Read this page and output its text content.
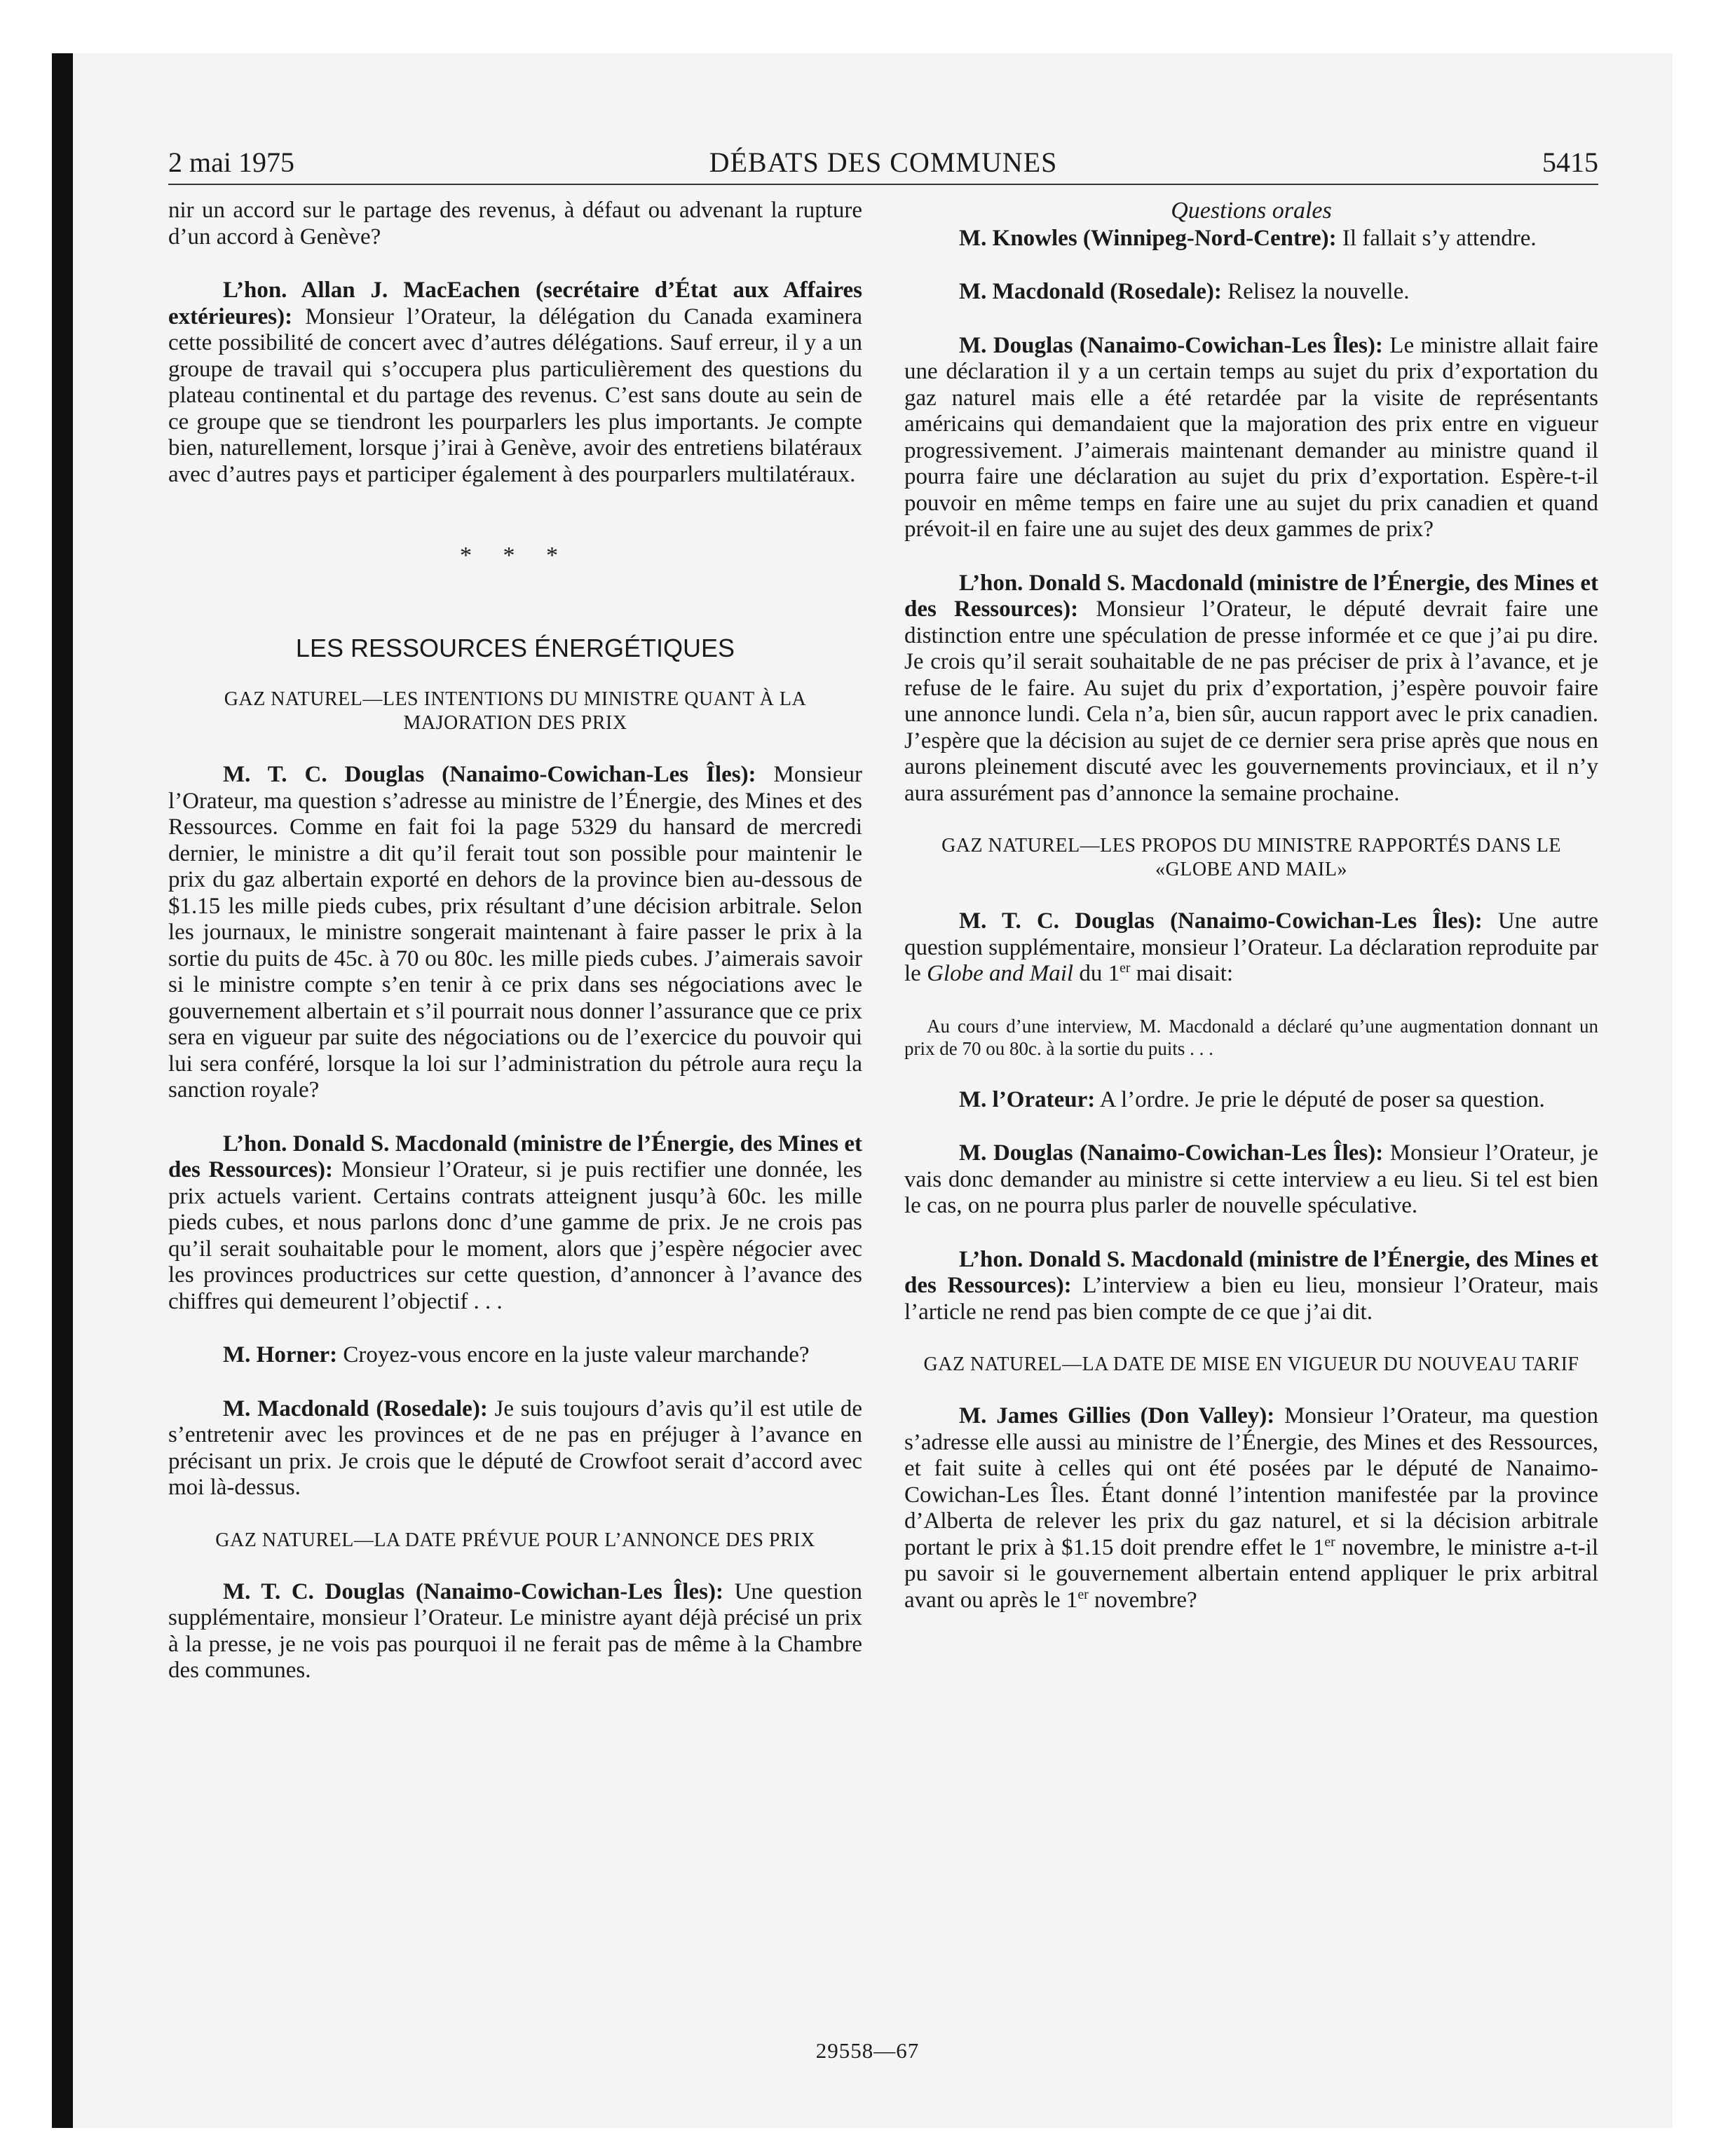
2 mai 1975	DÉBATS DES COMMUNES	5415

nir un accord sur le partage des revenus, à défaut ou advenant la rupture d’un accord à Genève?

L’hon. Allan J. MacEachen (secrétaire d’État aux Affaires extérieures): Monsieur l’Orateur, la délégation du Canada examinera cette possibilité de concert avec d’autres délégations. Sauf erreur, il y a un groupe de travail qui s’occupera plus particulièrement des questions du plateau continental et du partage des revenus. C’est sans doute au sein de ce groupe que se tiendront les pourparlers les plus importants. Je compte bien, naturellement, lorsque j’irai à Genève, avoir des entretiens bilatéraux avec d’autres pays et participer également à des pourparlers multilatéraux.

* * *
LES RESSOURCES ÉNERGÉTIQUES
GAZ NATUREL—LES INTENTIONS DU MINISTRE QUANT À LA MAJORATION DES PRIX

M. T. C. Douglas (Nanaimo-Cowichan-Les Îles): Monsieur l’Orateur, ma question s’adresse au ministre de l’Énergie, des Mines et des Ressources. Comme en fait foi la page 5329 du hansard de mercredi dernier, le ministre a dit qu’il ferait tout son possible pour maintenir le prix du gaz albertain exporté en dehors de la province bien au-dessous de $1.15 les mille pieds cubes, prix résultant d’une décision arbitrale. Selon les journaux, le ministre songerait maintenant à faire passer le prix à la sortie du puits de 45c. à 70 ou 80c. les mille pieds cubes. J’aimerais savoir si le ministre compte s’en tenir à ce prix dans ses négociations avec le gouvernement albertain et s’il pourrait nous donner l’assurance que ce prix sera en vigueur par suite des négociations ou de l’exercice du pouvoir qui lui sera conféré, lorsque la loi sur l’administration du pétrole aura reçu la sanction royale?

L’hon. Donald S. Macdonald (ministre de l’Énergie, des Mines et des Ressources): Monsieur l’Orateur, si je puis rectifier une donnée, les prix actuels varient. Certains contrats atteignent jusqu’à 60c. les mille pieds cubes, et nous parlons donc d’une gamme de prix. Je ne crois pas qu’il serait souhaitable pour le moment, alors que j’espère négocier avec les provinces productrices sur cette question, d’annoncer à l’avance des chiffres qui demeurent l’objectif . . .

M. Horner: Croyez-vous encore en la juste valeur marchande?

M. Macdonald (Rosedale): Je suis toujours d’avis qu’il est utile de s’entretenir avec les provinces et de ne pas en préjuger à l’avance en précisant un prix. Je crois que le député de Crowfoot serait d’accord avec moi là-dessus.

GAZ NATUREL—LA DATE PRÉVUE POUR L’ANNONCE DES PRIX

M. T. C. Douglas (Nanaimo-Cowichan-Les Îles): Une question supplémentaire, monsieur l’Orateur. Le ministre ayant déjà précisé un prix à la presse, je ne vois pas pourquoi il ne ferait pas de même à la Chambre des communes.

Questions orales

M. Knowles (Winnipeg-Nord-Centre): Il fallait s’y attendre.

M. Macdonald (Rosedale): Relisez la nouvelle.

M. Douglas (Nanaimo-Cowichan-Les Îles): Le ministre allait faire une déclaration il y a un certain temps au sujet du prix d’exportation du gaz naturel mais elle a été retardée par la visite de représentants américains qui demandaient que la majoration des prix entre en vigueur progressivement. J’aimerais maintenant demander au ministre quand il pourra faire une déclaration au sujet du prix d’exportation. Espère-t-il pouvoir en même temps en faire une au sujet du prix canadien et quand prévoit-il en faire une au sujet des deux gammes de prix?

L’hon. Donald S. Macdonald (ministre de l’Énergie, des Mines et des Ressources): Monsieur l’Orateur, le député devrait faire une distinction entre une spéculation de presse informée et ce que j’ai pu dire. Je crois qu’il serait souhaitable de ne pas préciser de prix à l’avance, et je refuse de le faire. Au sujet du prix d’exportation, j’espère pouvoir faire une annonce lundi. Cela n’a, bien sûr, aucun rapport avec le prix canadien. J’espère que la décision au sujet de ce dernier sera prise après que nous en aurons pleinement discuté avec les gouvernements provinciaux, et il n’y aura assurément pas d’annonce la semaine prochaine.

GAZ NATUREL—LES PROPOS DU MINISTRE RAPPORTÉS DANS LE «GLOBE AND MAIL»

M. T. C. Douglas (Nanaimo-Cowichan-Les Îles): Une autre question supplémentaire, monsieur l’Orateur. La déclaration reproduite par le Globe and Mail du 1er mai disait:

Au cours d’une interview, M. Macdonald a déclaré qu’une augmentation donnant un prix de 70 ou 80c. à la sortie du puits . . .

M. l’Orateur: A l’ordre. Je prie le député de poser sa question.

M. Douglas (Nanaimo-Cowichan-Les Îles): Monsieur l’Orateur, je vais donc demander au ministre si cette interview a eu lieu. Si tel est bien le cas, on ne pourra plus parler de nouvelle spéculative.

L’hon. Donald S. Macdonald (ministre de l’Énergie, des Mines et des Ressources): L’interview a bien eu lieu, monsieur l’Orateur, mais l’article ne rend pas bien compte de ce que j’ai dit.

GAZ NATUREL—LA DATE DE MISE EN VIGUEUR DU NOUVEAU TARIF

M. James Gillies (Don Valley): Monsieur l’Orateur, ma question s’adresse elle aussi au ministre de l’Énergie, des Mines et des Ressources, et fait suite à celles qui ont été posées par le député de Nanaimo-Cowichan-Les Îles. Étant donné l’intention manifestée par la province d’Alberta de relever les prix du gaz naturel, et si la décision arbitrale portant le prix à $1.15 doit prendre effet le 1er novembre, le ministre a-t-il pu savoir si le gouvernement albertain entend appliquer le prix arbitral avant ou après le 1er novembre?

29558—67
